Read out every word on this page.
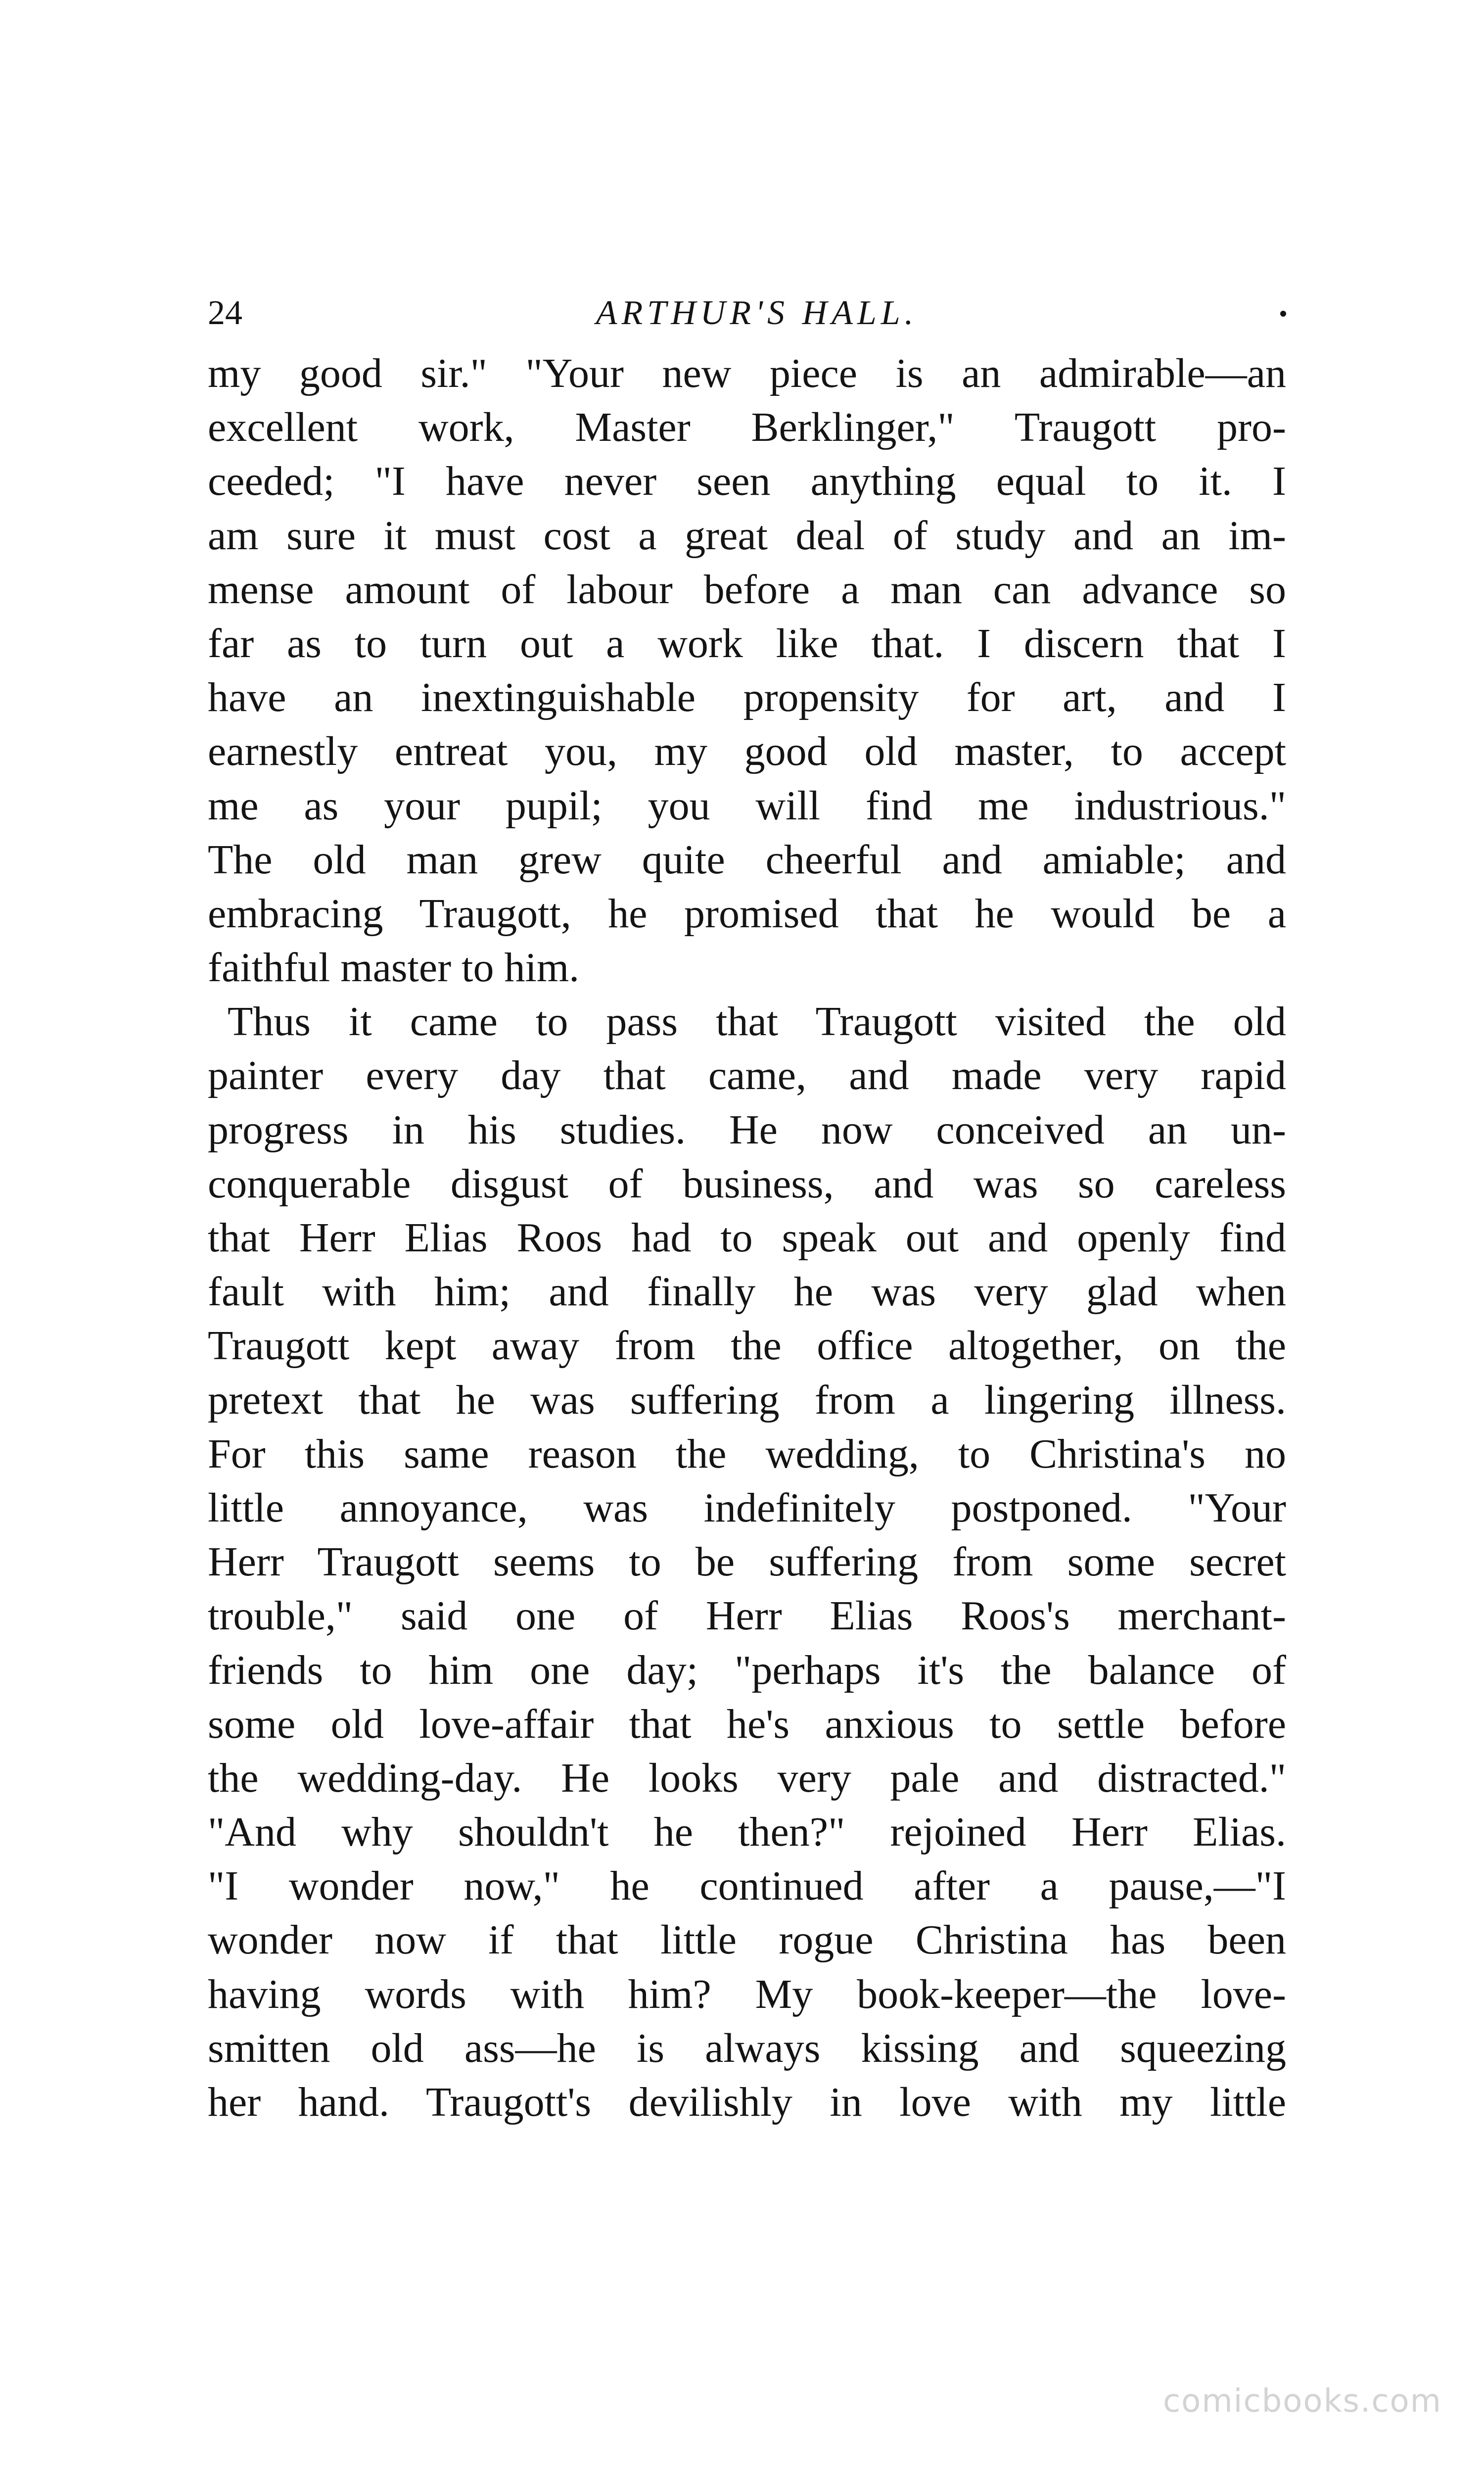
24	ARTHUR'S HALL.
my good sir." "Your new piece is an admirable—an
excellent work, Master Berklinger," Traugott pro-
ceeded; "I have never seen anything equal to it. I
am sure it must cost a great deal of study and an im-
mense amount of labour before a man can advance so
far as to turn out a work like that. I discern that I
have an inextinguishable propensity for art, and I
earnestly entreat you, my good old master, to accept
me as your pupil; you will find me industrious."
The old man grew quite cheerful and amiable; and
embracing Traugott, he promised that he would be a
faithful master to him.
Thus it came to pass that Traugott visited the old
painter every day that came, and made very rapid
progress in his studies. He now conceived an un-
conquerable disgust of business, and was so careless
that Herr Elias Roos had to speak out and openly find
fault with him; and finally he was very glad when
Traugott kept away from the office altogether, on the
pretext that he was suffering from a lingering illness.
For this same reason the wedding, to Christina's no
little annoyance, was indefinitely postponed. "Your
Herr Traugott seems to be suffering from some secret
trouble," said one of Herr Elias Roos's merchant-
friends to him one day; "perhaps it's the balance of
some old love-affair that he's anxious to settle before
the wedding-day. He looks very pale and distracted."
"And why shouldn't he then?" rejoined Herr Elias.
"I wonder now," he continued after a pause,—"I
wonder now if that little rogue Christina has been
having words with him? My book-keeper—the love-
smitten old ass—he is always kissing and squeezing
her hand. Traugott's devilishly in love with my little
comicbooks.com
